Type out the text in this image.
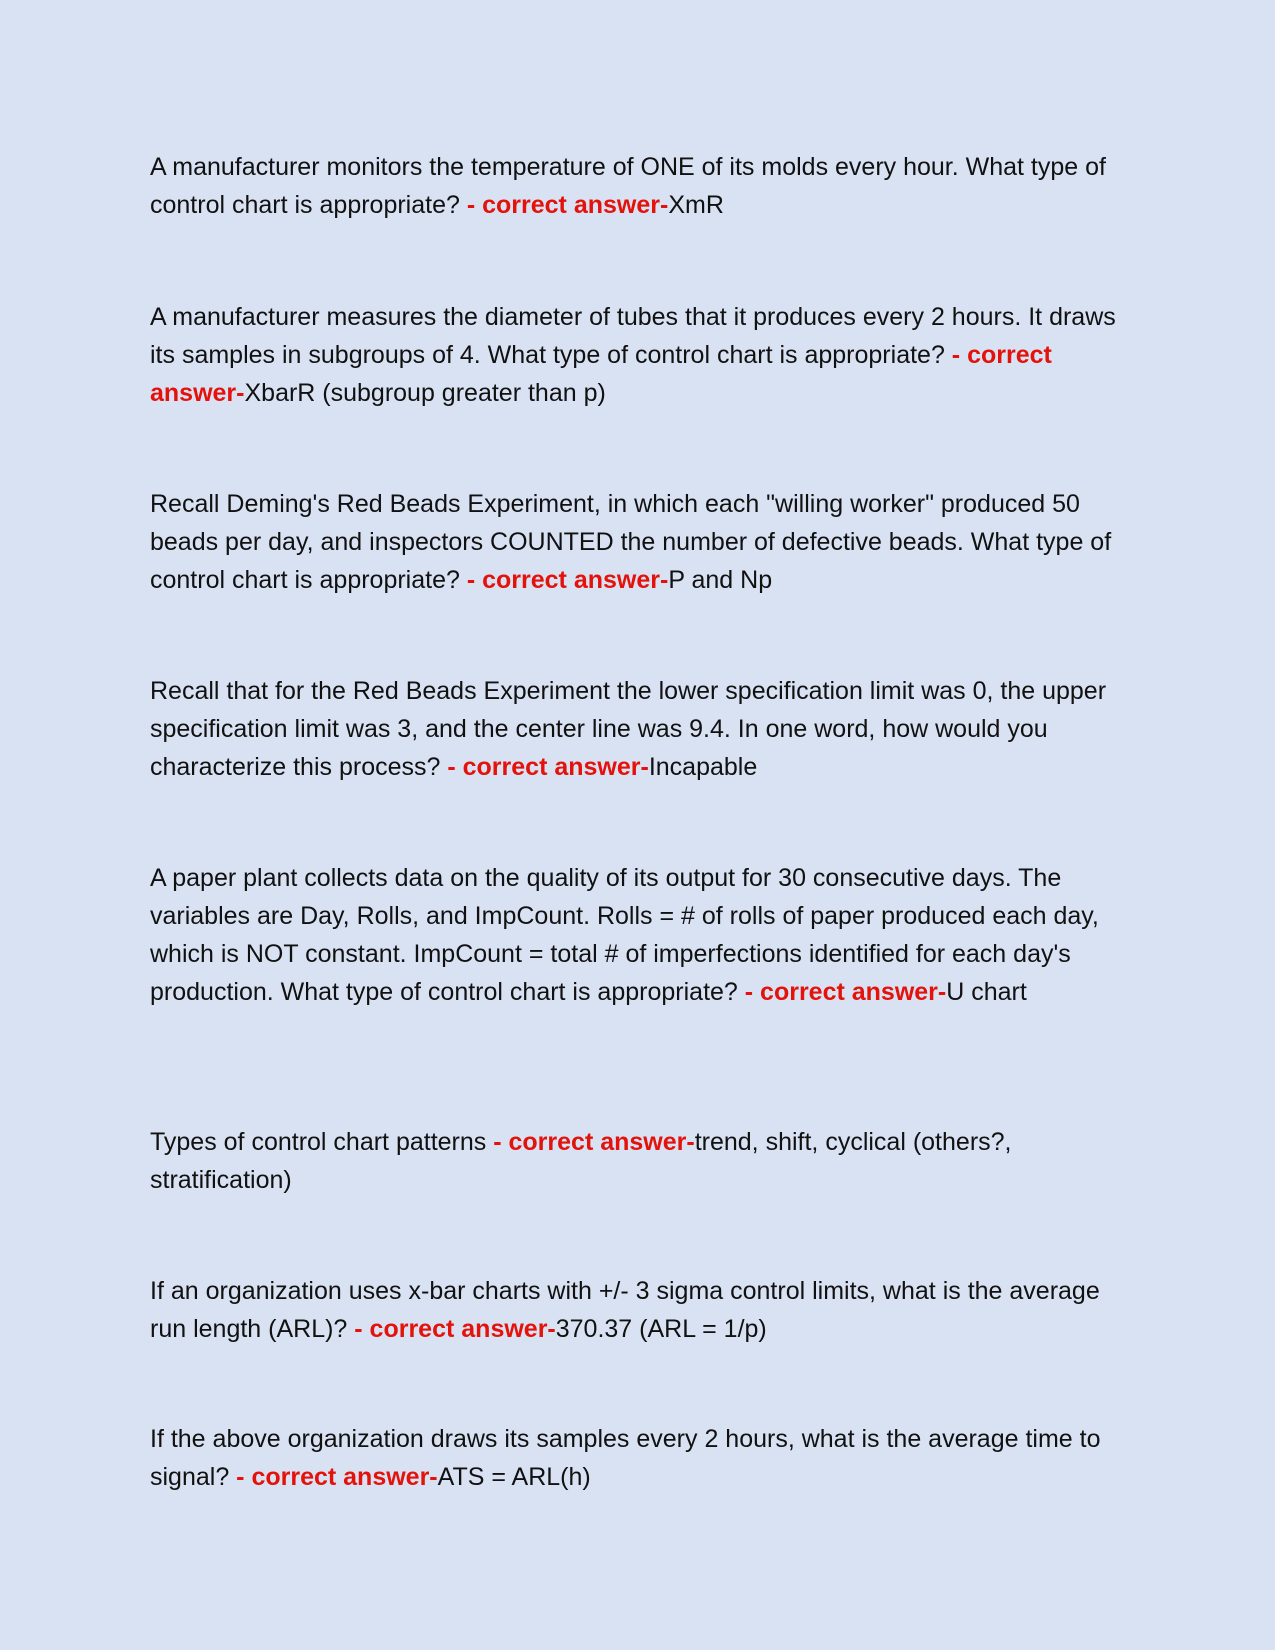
A manufacturer monitors the temperature of ONE of its molds every hour. What type of control chart is appropriate? - correct answer-XmR

A manufacturer measures the diameter of tubes that it produces every 2 hours. It draws its samples in subgroups of 4. What type of control chart is appropriate? - correct answer-XbarR (subgroup greater than p)

Recall Deming's Red Beads Experiment, in which each "willing worker" produced 50 beads per day, and inspectors COUNTED the number of defective beads. What type of control chart is appropriate? - correct answer-P and Np

Recall that for the Red Beads Experiment the lower specification limit was 0, the upper specification limit was 3, and the center line was 9.4. In one word, how would you characterize this process? - correct answer-Incapable

A paper plant collects data on the quality of its output for 30 consecutive days. The variables are Day, Rolls, and ImpCount. Rolls = # of rolls of paper produced each day, which is NOT constant. ImpCount = total # of imperfections identified for each day's production. What type of control chart is appropriate? - correct answer-U chart

Types of control chart patterns - correct answer-trend, shift, cyclical (others?, stratification)

If an organization uses x-bar charts with +/- 3 sigma control limits, what is the average run length (ARL)? - correct answer-370.37 (ARL = 1/p)

If the above organization draws its samples every 2 hours, what is the average time to signal? - correct answer-ATS = ARL(h)
